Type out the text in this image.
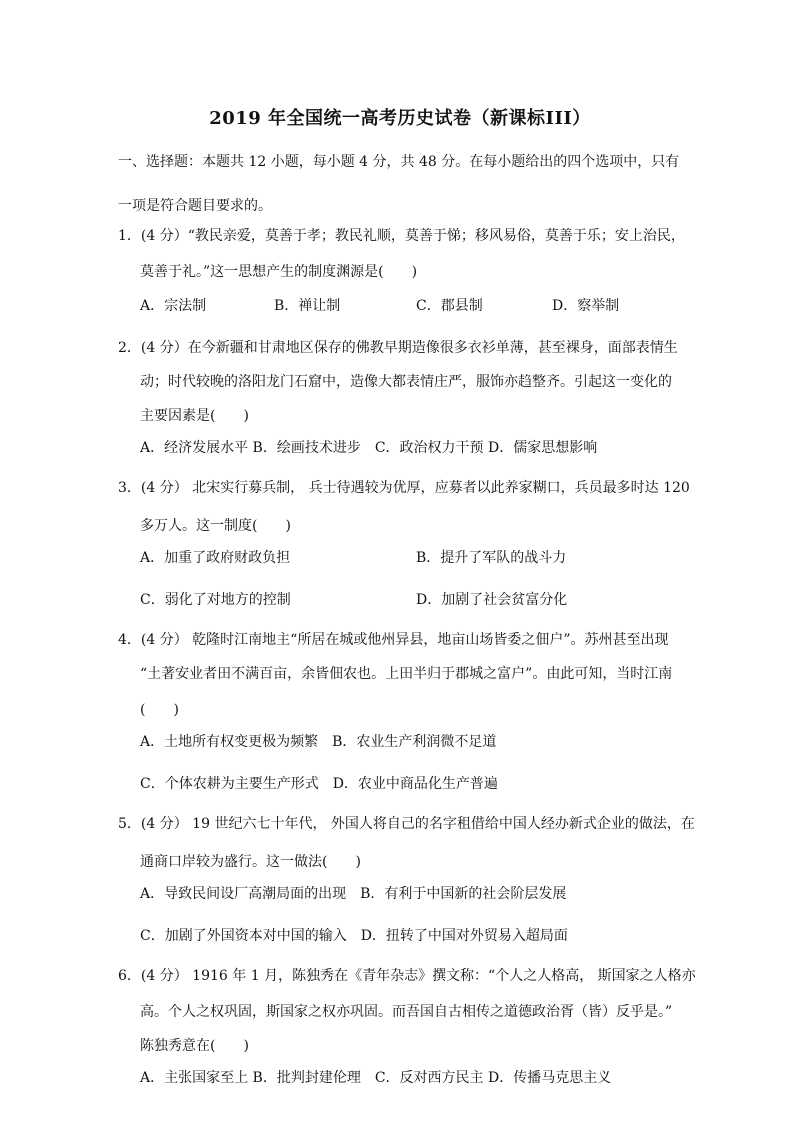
2019 年全国统一高考历史试卷（新课标III）
一、选择题：本题共 12 小题，每小题 4 分，共 48 分。在每小题给出的四个选项中，只有
一项是符合题目要求的。
1．(4 分）“教民亲爱，莫善于孝；教民礼顺，莫善于悌；移风易俗，莫善于乐；安上治民，
莫善于礼。”这一思想产生的制度渊源是(　　)
A．宗法制	B．禅让制	C．郡县制	D．察举制
2．(4 分）在今新疆和甘肃地区保存的佛教早期造像很多衣衫单薄，甚至裸身，面部表情生
动；时代较晚的洛阳龙门石窟中，造像大都表情庄严，服饰亦趋整齐。引起这一变化的
主要因素是(　　)
A．经济发展水平 B．绘画技术进步　C．政治权力干预 D．儒家思想影响
3．(4 分） 北宋实行募兵制， 兵士待遇较为优厚，应募者以此养家糊口，兵员最多时达 120
多万人。这一制度(　　)
A．加重了政府财政负担	B．提升了军队的战斗力
C．弱化了对地方的控制	D．加剧了社会贫富分化
4．(4 分） 乾隆时江南地主“所居在城或他州异县，地亩山场皆委之佃户”。苏州甚至出现
“土著安业者田不满百亩，余皆佃农也。上田半归于郡城之富户”。由此可知，当时江南
(　　)
A．土地所有权变更极为频繁　B．农业生产利润微不足道
C．个体农耕为主要生产形式　D．农业中商品化生产普遍
5．(4 分） 19 世纪六七十年代， 外国人将自己的名字租借给中国人经办新式企业的做法，在
通商口岸较为盛行。这一做法(　　)
A．导致民间设厂高潮局面的出现　B．有利于中国新的社会阶层发展
C．加剧了外国资本对中国的输入　D．扭转了中国对外贸易入超局面
6．(4 分） 1916 年 1 月，陈独秀在《青年杂志》撰文称：“个人之人格高， 斯国家之人格亦
高。个人之权巩固，斯国家之权亦巩固。而吾国自古相传之道德政治胥（皆）反乎是。”
陈独秀意在(　　)
A．主张国家至上 B．批判封建伦理　C．反对西方民主 D．传播马克思主义
